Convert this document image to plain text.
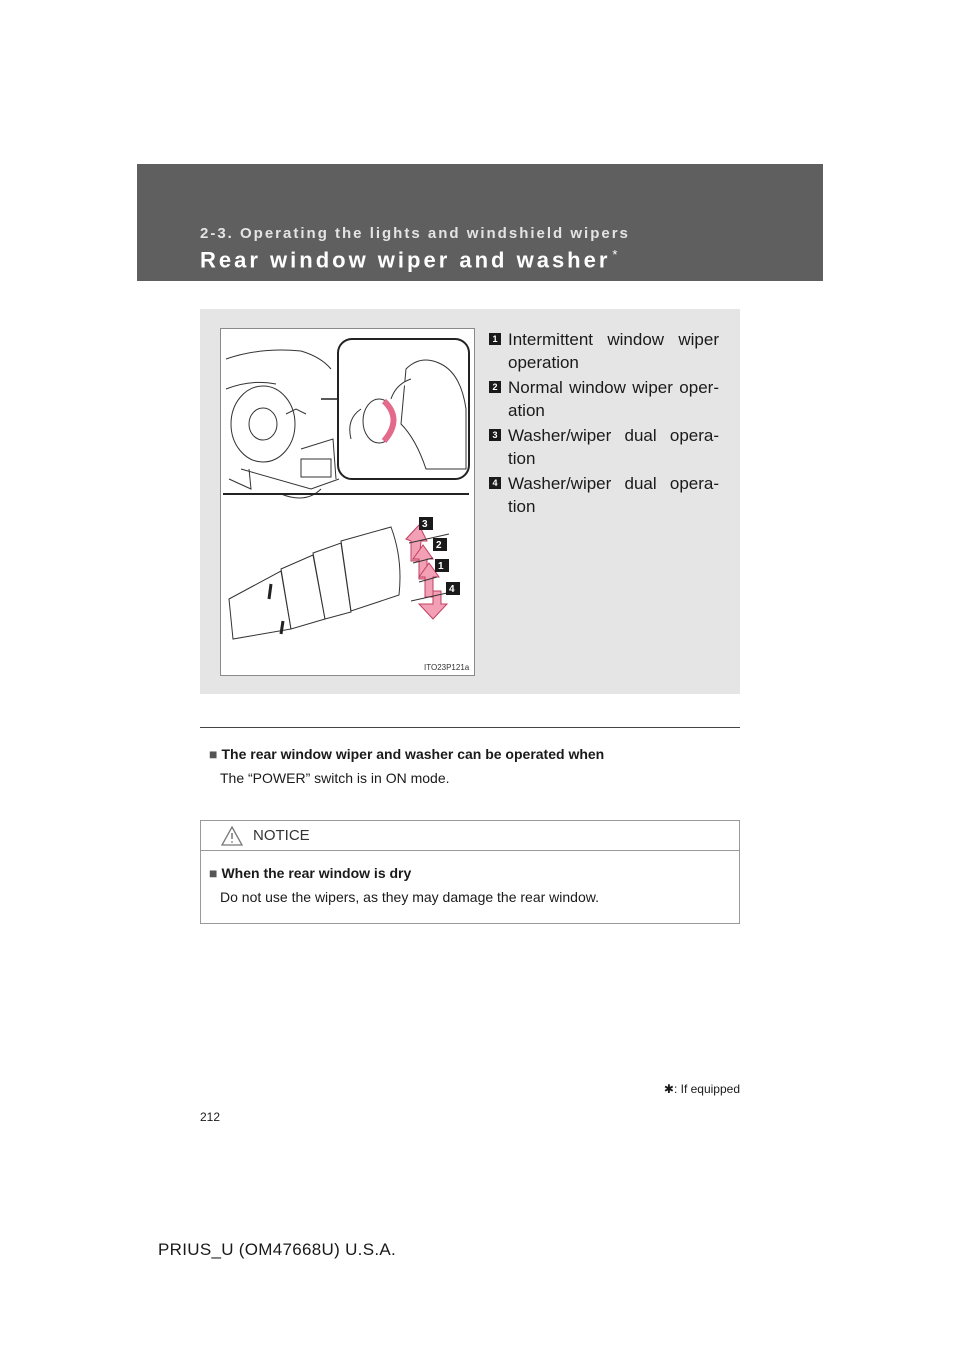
2-3. Operating the lights and windshield wipers
Rear window wiper and washer *
3
2
1
4
ITO23P121a
1 Intermittent window wiper operation
2 Normal window wiper oper-ation
3 Washer/wiper dual opera-tion
4 Washer/wiper dual opera-tion
■ The rear window wiper and washer can be operated when
The “POWER” switch is in ON mode.
NOTICE
■ When the rear window is dry
Do not use the wipers, as they may damage the rear window.
✱: If equipped
212
PRIUS_U (OM47668U) U.S.A.
